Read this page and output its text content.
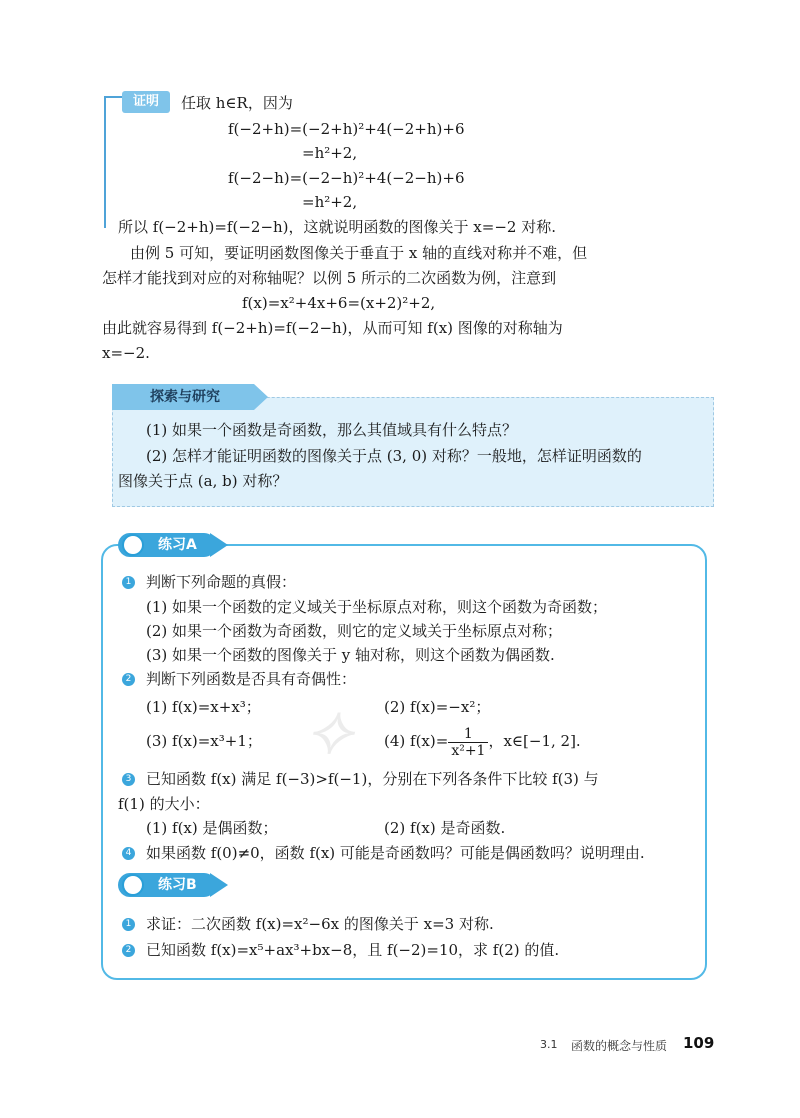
证明	任取 h∈R，因为
f(−2+h)=(−2+h)²+4(−2+h)+6
=h²+2,
f(−2−h)=(−2−h)²+4(−2−h)+6
=h²+2,
所以 f(−2+h)=f(−2−h)，这就说明函数的图像关于 x=−2 对称.
由例 5 可知，要证明函数图像关于垂直于 x 轴的直线对称并不难，但
怎样才能找到对应的对称轴呢？以例 5 所示的二次函数为例，注意到
f(x)=x²+4x+6=(x+2)²+2,
由此就容易得到 f(−2+h)=f(−2−h)，从而可知 f(x) 图像的对称轴为
x=−2.
探索与研究
(1) 如果一个函数是奇函数，那么其值域具有什么特点？
(2) 怎样才能证明函数的图像关于点 (3, 0) 对称？一般地，怎样证明函数的
图像关于点 (a, b) 对称？
⟡
练习A
1 判断下列命题的真假：
(1) 如果一个函数的定义域关于坐标原点对称，则这个函数为奇函数；
(2) 如果一个函数为奇函数，则它的定义域关于坐标原点对称；
(3) 如果一个函数的图像关于 y 轴对称，则这个函数为偶函数.
2 判断下列函数是否具有奇偶性：
(1) f(x)=x+x³；	(2) f(x)=−x²；
(3) f(x)=x³+1；	(4) $f(x)= \frac{1}{\text{x²+1}}$ ，x∈[−1, 2].
3 已知函数 f(x) 满足 f(−3)>f(−1)，分别在下列各条件下比较 f(3) 与
f(1) 的大小：
(1) f(x) 是偶函数；	(2) f(x) 是奇函数.
4 如果函数 f(0)≠0，函数 f(x) 可能是奇函数吗？可能是偶函数吗？说明理由.
练习B
1 求证：二次函数 f(x)=x²−6x 的图像关于 x=3 对称.
2 已知函数 f(x)=x⁵+ax³+bx−8，且 f(−2)=10，求 f(2) 的值.
3.1 函数的概念与性质 109
